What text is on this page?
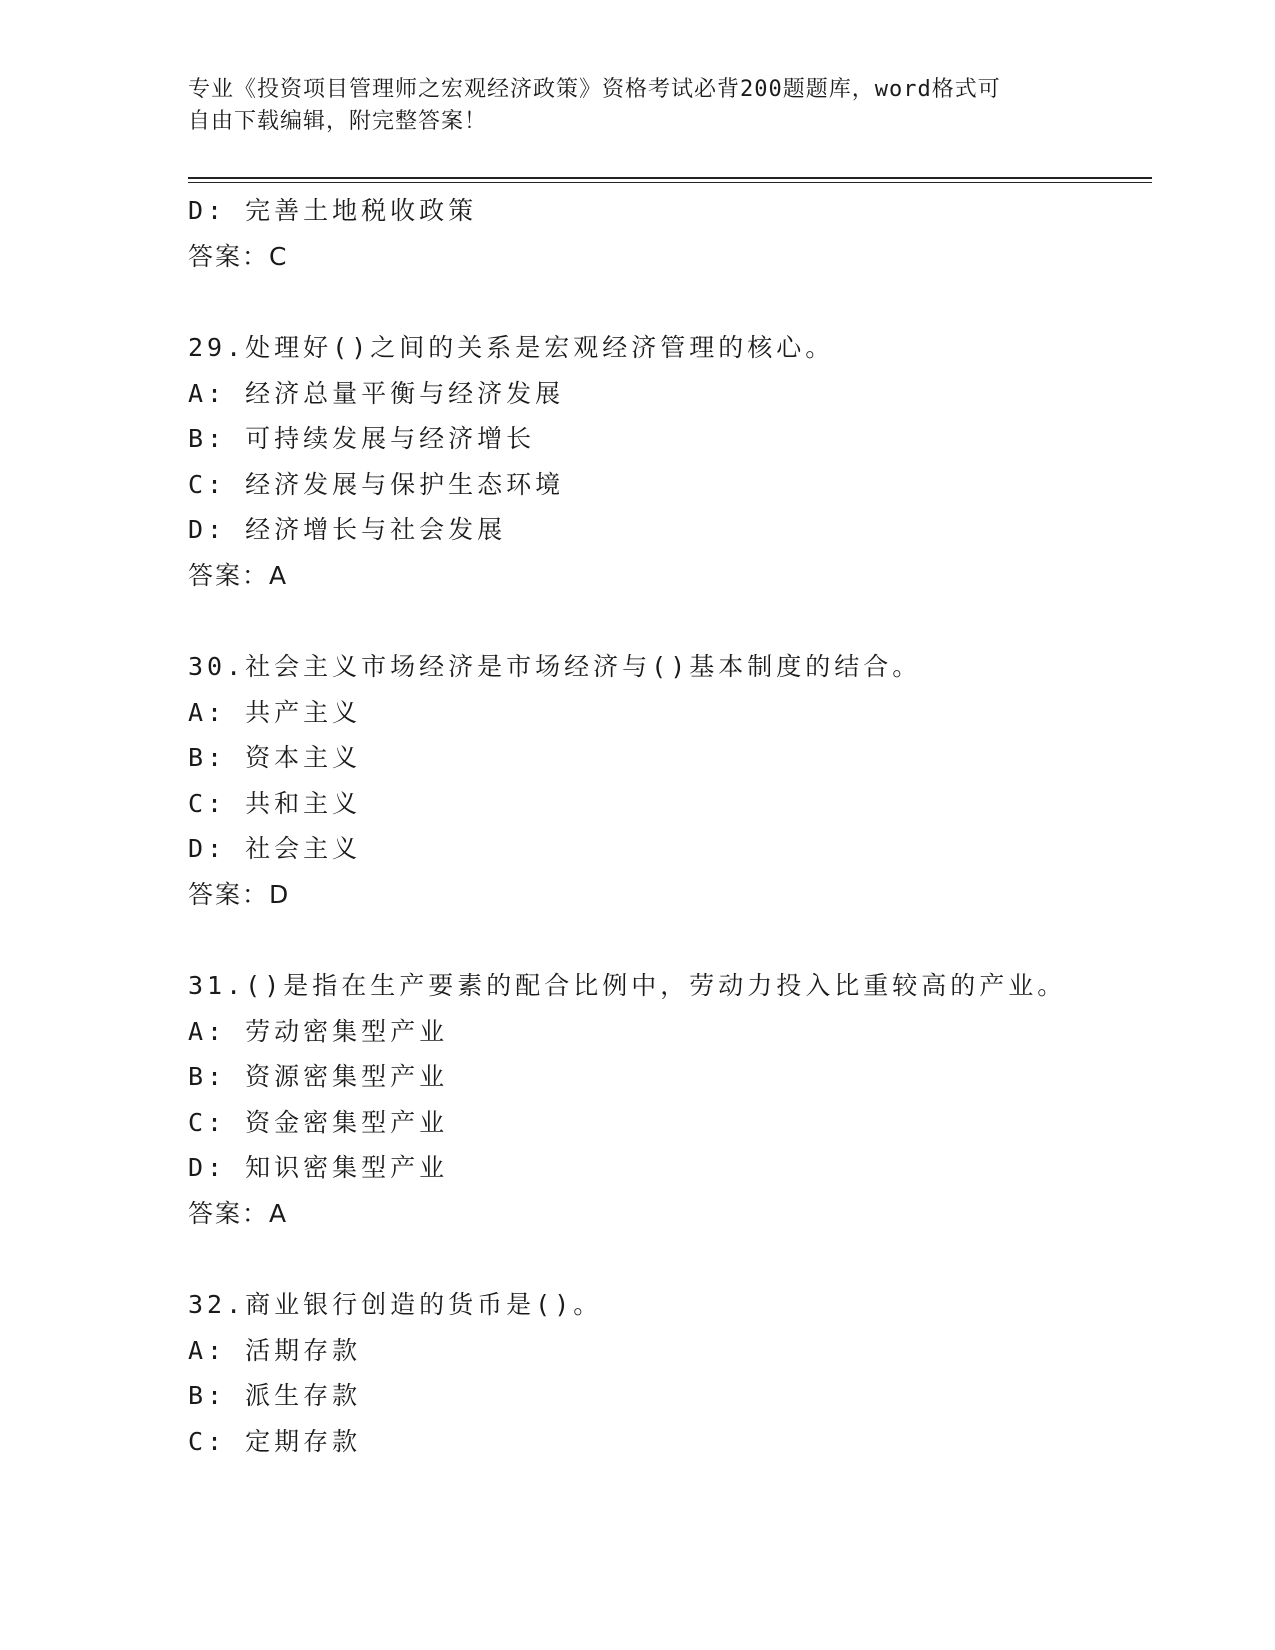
专业《投资项目管理师之宏观经济政策》资格考试必背200题题库，word格式可

自由下载编辑，附完整答案！

D: 完善土地税收政策
答案：C
29.处理好()之间的关系是宏观经济管理的核心。
A: 经济总量平衡与经济发展
B: 可持续发展与经济增长
C: 经济发展与保护生态环境
D: 经济增长与社会发展
答案：A
30.社会主义市场经济是市场经济与()基本制度的结合。
A: 共产主义
B: 资本主义
C: 共和主义
D: 社会主义
答案：D
31.()是指在生产要素的配合比例中，劳动力投入比重较高的产业。
A: 劳动密集型产业
B: 资源密集型产业
C: 资金密集型产业
D: 知识密集型产业
答案：A
32.商业银行创造的货币是()。
A: 活期存款
B: 派生存款
C: 定期存款
